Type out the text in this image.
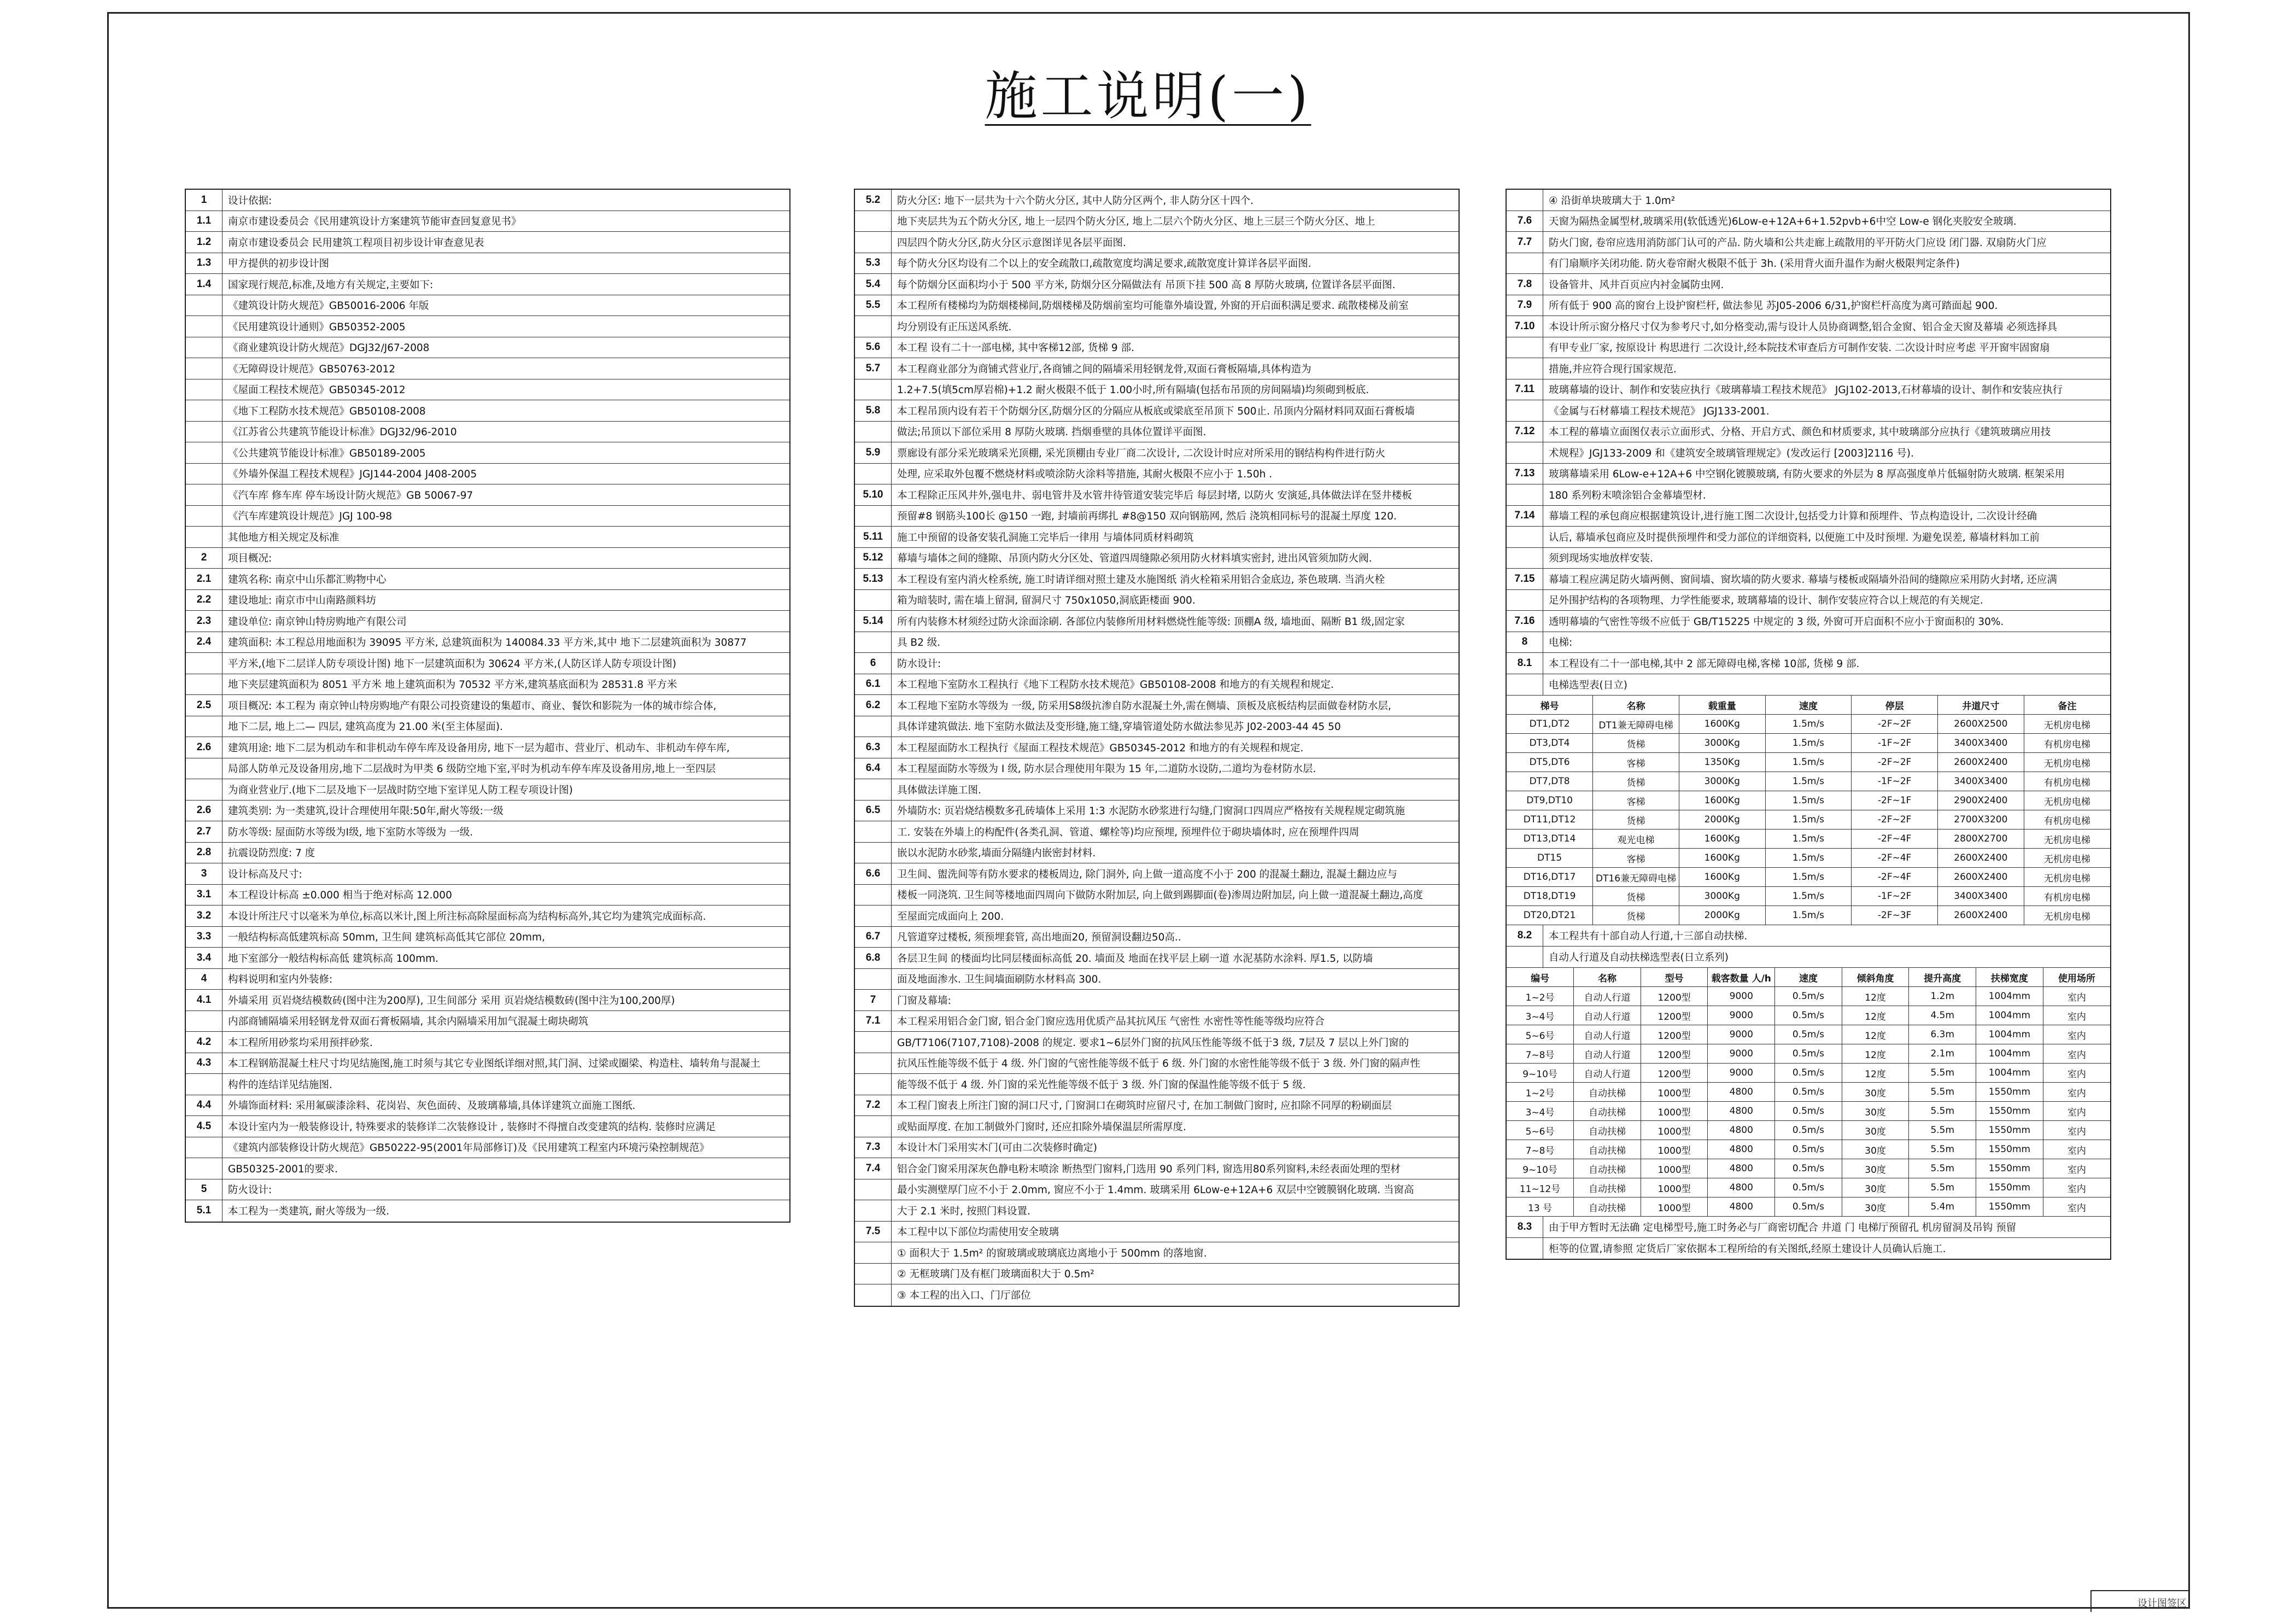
施工说明(一)
1	设计依据:
1.1	南京市建设委员会《民用建筑设计方案建筑节能审查回复意见书》
1.2	南京市建设委员会 民用建筑工程项目初步设计审查意见表
1.3	甲方提供的初步设计图
1.4	国家现行规范,标准,及地方有关规定,主要如下:
《建筑设计防火规范》GB50016-2006 年版
《民用建筑设计通则》GB50352-2005
《商业建筑设计防火规范》DGJ32/J67-2008
《无障碍设计规范》GB50763-2012
《屋面工程技术规范》GB50345-2012
《地下工程防水技术规范》GB50108-2008
《江苏省公共建筑节能设计标准》DGJ32/96-2010
《公共建筑节能设计标准》GB50189-2005
《外墙外保温工程技术规程》JGJ144-2004 J408-2005
《汽车库 修车库 停车场设计防火规范》GB 50067-97
《汽车库建筑设计规范》JGJ 100-98
其他地方相关规定及标准
2	项目概况:
2.1	建筑名称: 南京中山乐都汇购物中心
2.2	建设地址: 南京市中山南路颜料坊
2.3	建设单位: 南京钟山特房购地产有限公司
2.4	建筑面积: 本工程总用地面积为 39095 平方米, 总建筑面积为 140084.33 平方米,其中 地下二层建筑面积为 30877
平方米,(地下二层详人防专项设计图) 地下一层建筑面积为 30624 平方米,(人防区详人防专项设计图)
地下夹层建筑面积为 8051 平方米 地上建筑面积为 70532 平方米,建筑基底面积为 28531.8 平方米
2.5	项目概况: 本工程为 南京钟山特房购地产有限公司投资建设的集超市、商业、餐饮和影院为一体的城市综合体,
地下二层, 地上二— 四层, 建筑高度为 21.00 米(至主体屋面).
2.6	建筑用途: 地下二层为机动车和非机动车停车库及设备用房, 地下一层为超市、营业厅、机动车、非机动车停车库,
局部人防单元及设备用房,地下二层战时为甲类 6 级防空地下室,平时为机动车停车库及设备用房,地上一至四层
为商业营业厅.(地下二层及地下一层战时防空地下室详见人防工程专项设计图)
2.6	建筑类别: 为一类建筑,设计合理使用年限:50年,耐火等级:一级
2.7	防水等级: 屋面防水等级为Ⅰ级, 地下室防水等级为 一级.
2.8	抗震设防烈度: 7 度
3	设计标高及尺寸:
3.1	本工程设计标高 ±0.000 相当于绝对标高 12.000
3.2	本设计所注尺寸以毫米为单位,标高以米计,图上所注标高除屋面标高为结构标高外,其它均为建筑完成面标高.
3.3	一般结构标高低建筑标高 50mm, 卫生间 建筑标高低其它部位 20mm,
3.4	地下室部分一般结构标高低 建筑标高 100mm.
4	构料说明和室内外装修:
4.1	外墙采用 页岩烧结模数砖(图中注为200厚), 卫生间部分 采用 页岩烧结模数砖(图中注为100,200厚)
内部商铺隔墙采用轻钢龙骨双面石膏板隔墙, 其余内隔墙采用加气混凝土砌块砌筑
4.2	本工程所用砂浆均采用预拌砂浆.
4.3	本工程钢筋混凝土柱尺寸均见结施图,施工时须与其它专业图纸详细对照,其门洞、过梁或圈梁、构造柱、墙转角与混凝土
构件的连结详见结施图.
4.4	外墙饰面材料: 采用氟碳漆涂料、花岗岩、灰色面砖、及玻璃幕墙,具体详建筑立面施工图纸.
4.5	本设计室内为一般装修设计, 特殊要求的装修详二次装修设计 , 装修时不得擅自改变建筑的结构. 装修时应满足
《建筑内部装修设计防火规范》GB50222-95(2001年局部修订)及《民用建筑工程室内环境污染控制规范》
GB50325-2001的要求.
5	防火设计:
5.1	本工程为一类建筑, 耐火等级为一级.
5.2	防火分区: 地下一层共为十六个防火分区, 其中人防分区两个, 非人防分区十四个.
地下夹层共为五个防火分区, 地上一层四个防火分区, 地上二层六个防火分区、地上三层三个防火分区、地上
四层四个防火分区,防火分区示意图详见各层平面图.
5.3	每个防火分区均设有二个以上的安全疏散口,疏散宽度均满足要求,疏散宽度计算详各层平面图.
5.4	每个防烟分区面积均小于 500 平方米, 防烟分区分隔做法有 吊顶下挂 500 高 8 厚防火玻璃, 位置详各层平面图.
5.5	本工程所有楼梯均为防烟楼梯间,防烟楼梯及防烟前室均可能靠外墙设置, 外窗的开启面积满足要求. 疏散楼梯及前室
均分别设有正压送风系统.
5.6	本工程 设有二十一部电梯, 其中客梯12部, 货梯 9 部.
5.7	本工程商业部分为商铺式营业厅,各商铺之间的隔墙采用轻钢龙骨,双面石膏板隔墙,具体构造为
1.2+7.5(填5cm厚岩棉)+1.2 耐火极限不低于 1.00小时,所有隔墙(包括布吊顶的房间隔墙)均须砌到板底.
5.8	本工程吊顶内设有若干个防烟分区,防烟分区的分隔应从板底或梁底至吊顶下 500止. 吊顶内分隔材料同双面石膏板墙
做法;吊顶以下部位采用 8 厚防火玻璃. 挡烟垂壁的具体位置详平面图.
5.9	票廊设有部分采光玻璃采光顶棚, 采光顶棚由专业厂商二次设计, 二次设计时应对所采用的钢结构构件进行防火
处理, 应采取外包覆不燃烧材料或喷涂防火涂料等措施, 其耐火极限不应小于 1.50h .
5.10	本工程除正压风井外,强电井、弱电管井及水管井待管道安装完毕后 每层封堵, 以防火 安演延,具体做法详在竖井楼板
预留#8 钢筋头100长 @150 一跑, 封墙前再绑扎 #8@150 双向钢筋网, 然后 浇筑相同标号的混凝土厚度 120.
5.11	施工中预留的设备安装孔洞施工完毕后一律用 与墙体同质材料砌筑
5.12	幕墙与墙体之间的缝隙、吊顶内防火分区处、管道四周缝隙必须用防火材料填实密封, 进出风管须加防火阀.
5.13	本工程设有室内消火栓系统, 施工时请详细对照土建及水施图纸 消火栓箱采用铝合金底边, 茶色玻璃. 当消火栓
箱为暗装时, 需在墙上留洞, 留洞尺寸 750x1050,洞底距楼面 900.
5.14	所有内装修木材须经过防火涂面涂刷. 各部位内装修所用材料燃烧性能等级: 顶棚A 级, 墙地面、隔断 B1 级,固定家
具 B2 级.
6	防水设计:
6.1	本工程地下室防水工程执行《地下工程防水技术规范》GB50108-2008 和地方的有关规程和规定.
6.2	本工程地下室防水等级为 一级, 防采用S8级抗渗自防水混凝土外,需在侧墙、顶板及底板结构层面做卷材防水层,
具体详建筑做法. 地下室防水做法及变形缝,施工缝,穿墙管道处防水做法参见苏 J02-2003-44 45 50
6.3	本工程屋面防水工程执行《屋面工程技术规范》GB50345-2012 和地方的有关规程和规定.
6.4	本工程屋面防水等级为 Ⅰ 级, 防水层合理使用年限为 15 年,二道防水设防,二道均为卷材防水层.
具体做法详施工图.
6.5	外墙防水: 页岩烧结模数多孔砖墙体上采用 1:3 水泥防水砂浆进行勾缝,门窗洞口四周应严格按有关规程规定砌筑施
工. 安装在外墙上的构配件(各类孔洞、管道、螺栓等)均应预埋, 预埋件位于砌块墙体时, 应在预埋件四周
嵌以水泥防水砂浆,墙面分隔缝内嵌密封材料.
6.6	卫生间、盥洗间等有防水要求的楼板周边, 除门洞外, 向上做一道高度不小于 200 的混凝土翻边, 混凝土翻边应与
楼板一同浇筑. 卫生间等楼地面四周向下做防水附加层, 向上做到踢脚面(卷)渗周边附加层, 向上做一道混凝土翻边,高度
至屋面完成面向上 200.
6.7	凡管道穿过楼板, 须预埋套管, 高出地面20, 预留洞设翻边50高..
6.8	各层卫生间 的楼面均比同层楼面标高低 20. 墙面及 地面在找平层上刷一道 水泥基防水涂料. 厚1.5, 以防墙
面及地面渗水. 卫生间墙面刷防水材料高 300.
7	门窗及幕墙:
7.1	本工程采用铝合金门窗, 铝合金门窗应选用优质产品其抗风压 气密性 水密性等性能等级均应符合
GB/T7106(7107,7108)-2008 的规定. 要求1~6层外门窗的抗风压性能等级不低于3 级, 7层及 7 层以上外门窗的
抗风压性能等级不低于 4 级. 外门窗的气密性能等级不低于 6 级. 外门窗的水密性能等级不低于 3 级. 外门窗的隔声性
能等级不低于 4 级. 外门窗的采光性能等级不低于 3 级. 外门窗的保温性能等级不低于 5 级.
7.2	本工程门窗表上所注门窗的洞口尺寸, 门窗洞口在砌筑时应留尺寸, 在加工制做门窗时, 应扣除不同厚的粉刷面层
或贴面厚度. 在加工制做外门窗时, 还应扣除外墙保温层所需厚度.
7.3	本设计木门采用实木门(可由二次装修时确定)
7.4	铝合金门窗采用深灰色静电粉末喷涂 断热型门窗料,门选用 90 系列门料, 窗选用80系列窗料,未经表面处理的型材
最小实测壁厚门应不小于 2.0mm, 窗应不小于 1.4mm. 玻璃采用 6Low-e+12A+6 双层中空镀膜钢化玻璃. 当窗高
大于 2.1 米时, 按照门料设置.
7.5	本工程中以下部位均需使用安全玻璃
① 面积大于 1.5m² 的窗玻璃或玻璃底边离地小于 500mm 的落地窗.
② 无框玻璃门及有框门玻璃面积大于 0.5m²
③ 本工程的出入口、门厅部位
④ 沿街单块玻璃大于 1.0m²
7.6	天窗为隔热金属型材,玻璃采用(软低透光)6Low-e+12A+6+1.52pvb+6中空 Low-e 钢化夹胶安全玻璃.
7.7	防火门窗, 卷帘应选用消防部门认可的产品. 防火墙和公共走廊上疏散用的平开防火门应设 闭门器. 双扇防火门应
有门扇顺序关闭功能. 防火卷帘耐火极限不低于 3h. (采用背火面升温作为耐火极限判定条件)
7.8	设备管井、风井百页应内衬金属防虫网.
7.9	所有低于 900 高的窗台上设护窗栏杆, 做法参见 苏J05-2006 6/31,护窗栏杆高度为离可踏面起 900.
7.10	本设计所示窗分格尺寸仅为参考尺寸,如分格变动,需与设计人员协商调整,铝合金窗、铝合金天窗及幕墙 必须选择具
有甲专业厂家, 按原设计 构思进行 二次设计,经本院技术审查后方可制作安装. 二次设计时应考虑 平开窗牢固窗扇
措施,并应符合现行国家规范.
7.11	玻璃幕墙的设计、制作和安装应执行《玻璃幕墙工程技术规范》 JGJ102-2013,石材幕墙的设计、制作和安装应执行
《金属与石材幕墙工程技术规范》 JGJ133-2001.
7.12	本工程的幕墙立面图仅表示立面形式、分格、开启方式、颜色和材质要求, 其中玻璃部分应执行《建筑玻璃应用技
术规程》JGJ133-2009 和《建筑安全玻璃管理规定》(发改运行 [2003]2116 号).
7.13	玻璃幕墙采用 6Low-e+12A+6 中空钢化镀膜玻璃, 有防火要求的外层为 8 厚高强度单片低辐射防火玻璃. 框架采用
180 系列粉末喷涂铝合金幕墙型材.
7.14	幕墙工程的承包商应根据建筑设计,进行施工图二次设计,包括受力计算和预埋件、节点构造设计, 二次设计经确
认后, 幕墙承包商应及时提供预埋件和受力部位的详细资料, 以便施工中及时预埋. 为避免误差, 幕墙材料加工前
须到现场实地放样安装.
7.15	幕墙工程应满足防火墙两侧、窗间墙、窗坎墙的防火要求. 幕墙与楼板或隔墙外沿间的缝隙应采用防火封堵, 还应满
足外围护结构的各项物理、力学性能要求, 玻璃幕墙的设计、制作安装应符合以上规范的有关规定.
7.16	透明幕墙的气密性等级不应低于 GB/T15225 中规定的 3 级, 外窗可开启面积不应小于窗面积的 30%.
8	电梯:
8.1	本工程设有二十一部电梯,其中 2 部无障碍电梯,客梯 10部, 货梯 9 部.
电梯选型表(日立)
梯号	名称	载重量	速度	停层	井道尺寸	备注
DT1,DT2	DT1兼无障碍电梯	1600Kg	1.5m/s	-2F~2F	2600X2500	无机房电梯
DT3,DT4	货梯	3000Kg	1.5m/s	-1F~2F	3400X3400	有机房电梯
DT5,DT6	客梯	1350Kg	1.5m/s	-2F~2F	2600X2400	无机房电梯
DT7,DT8	货梯	3000Kg	1.5m/s	-1F~2F	3400X3400	有机房电梯
DT9,DT10	客梯	1600Kg	1.5m/s	-2F~1F	2900X2400	无机房电梯
DT11,DT12	货梯	2000Kg	1.5m/s	-2F~2F	2700X3200	有机房电梯
DT13,DT14	观光电梯	1600Kg	1.5m/s	-2F~4F	2800X2700	无机房电梯
DT15	客梯	1600Kg	1.5m/s	-2F~4F	2600X2400	无机房电梯
DT16,DT17	DT16兼无障碍电梯	1600Kg	1.5m/s	-2F~4F	2600X2400	无机房电梯
DT18,DT19	货梯	3000Kg	1.5m/s	-1F~2F	3400X3400	有机房电梯
DT20,DT21	货梯	2000Kg	1.5m/s	-2F~3F	2600X2400	无机房电梯
8.2	本工程共有十部自动人行道,十三部自动扶梯.
自动人行道及自动扶梯选型表(日立系列)
编号	名称	型号	载客数量 人/h	速度	倾斜角度	提升高度	扶梯宽度	使用场所
1~2号	自动人行道	1200型	9000	0.5m/s	12度	1.2m	1004mm	室内
3~4号	自动人行道	1200型	9000	0.5m/s	12度	4.5m	1004mm	室内
5~6号	自动人行道	1200型	9000	0.5m/s	12度	6.3m	1004mm	室内
7~8号	自动人行道	1200型	9000	0.5m/s	12度	2.1m	1004mm	室内
9~10号	自动人行道	1200型	9000	0.5m/s	12度	5.5m	1004mm	室内
1~2号	自动扶梯	1000型	4800	0.5m/s	30度	5.5m	1550mm	室内
3~4号	自动扶梯	1000型	4800	0.5m/s	30度	5.5m	1550mm	室内
5~6号	自动扶梯	1000型	4800	0.5m/s	30度	5.5m	1550mm	室内
7~8号	自动扶梯	1000型	4800	0.5m/s	30度	5.5m	1550mm	室内
9~10号	自动扶梯	1000型	4800	0.5m/s	30度	5.5m	1550mm	室内
11~12号	自动扶梯	1000型	4800	0.5m/s	30度	5.5m	1550mm	室内
13 号	自动扶梯	1000型	4800	0.5m/s	30度	5.4m	1550mm	室内
8.3	由于甲方暂时无法确 定电梯型号,施工时务必与厂商密切配合 井道 门 电梯厅预留孔 机房留洞及吊钩 预留
柜等的位置,请参照 定货后厂家依据本工程所给的有关图纸,经原土建设计人员确认后施工.
设计图签区
